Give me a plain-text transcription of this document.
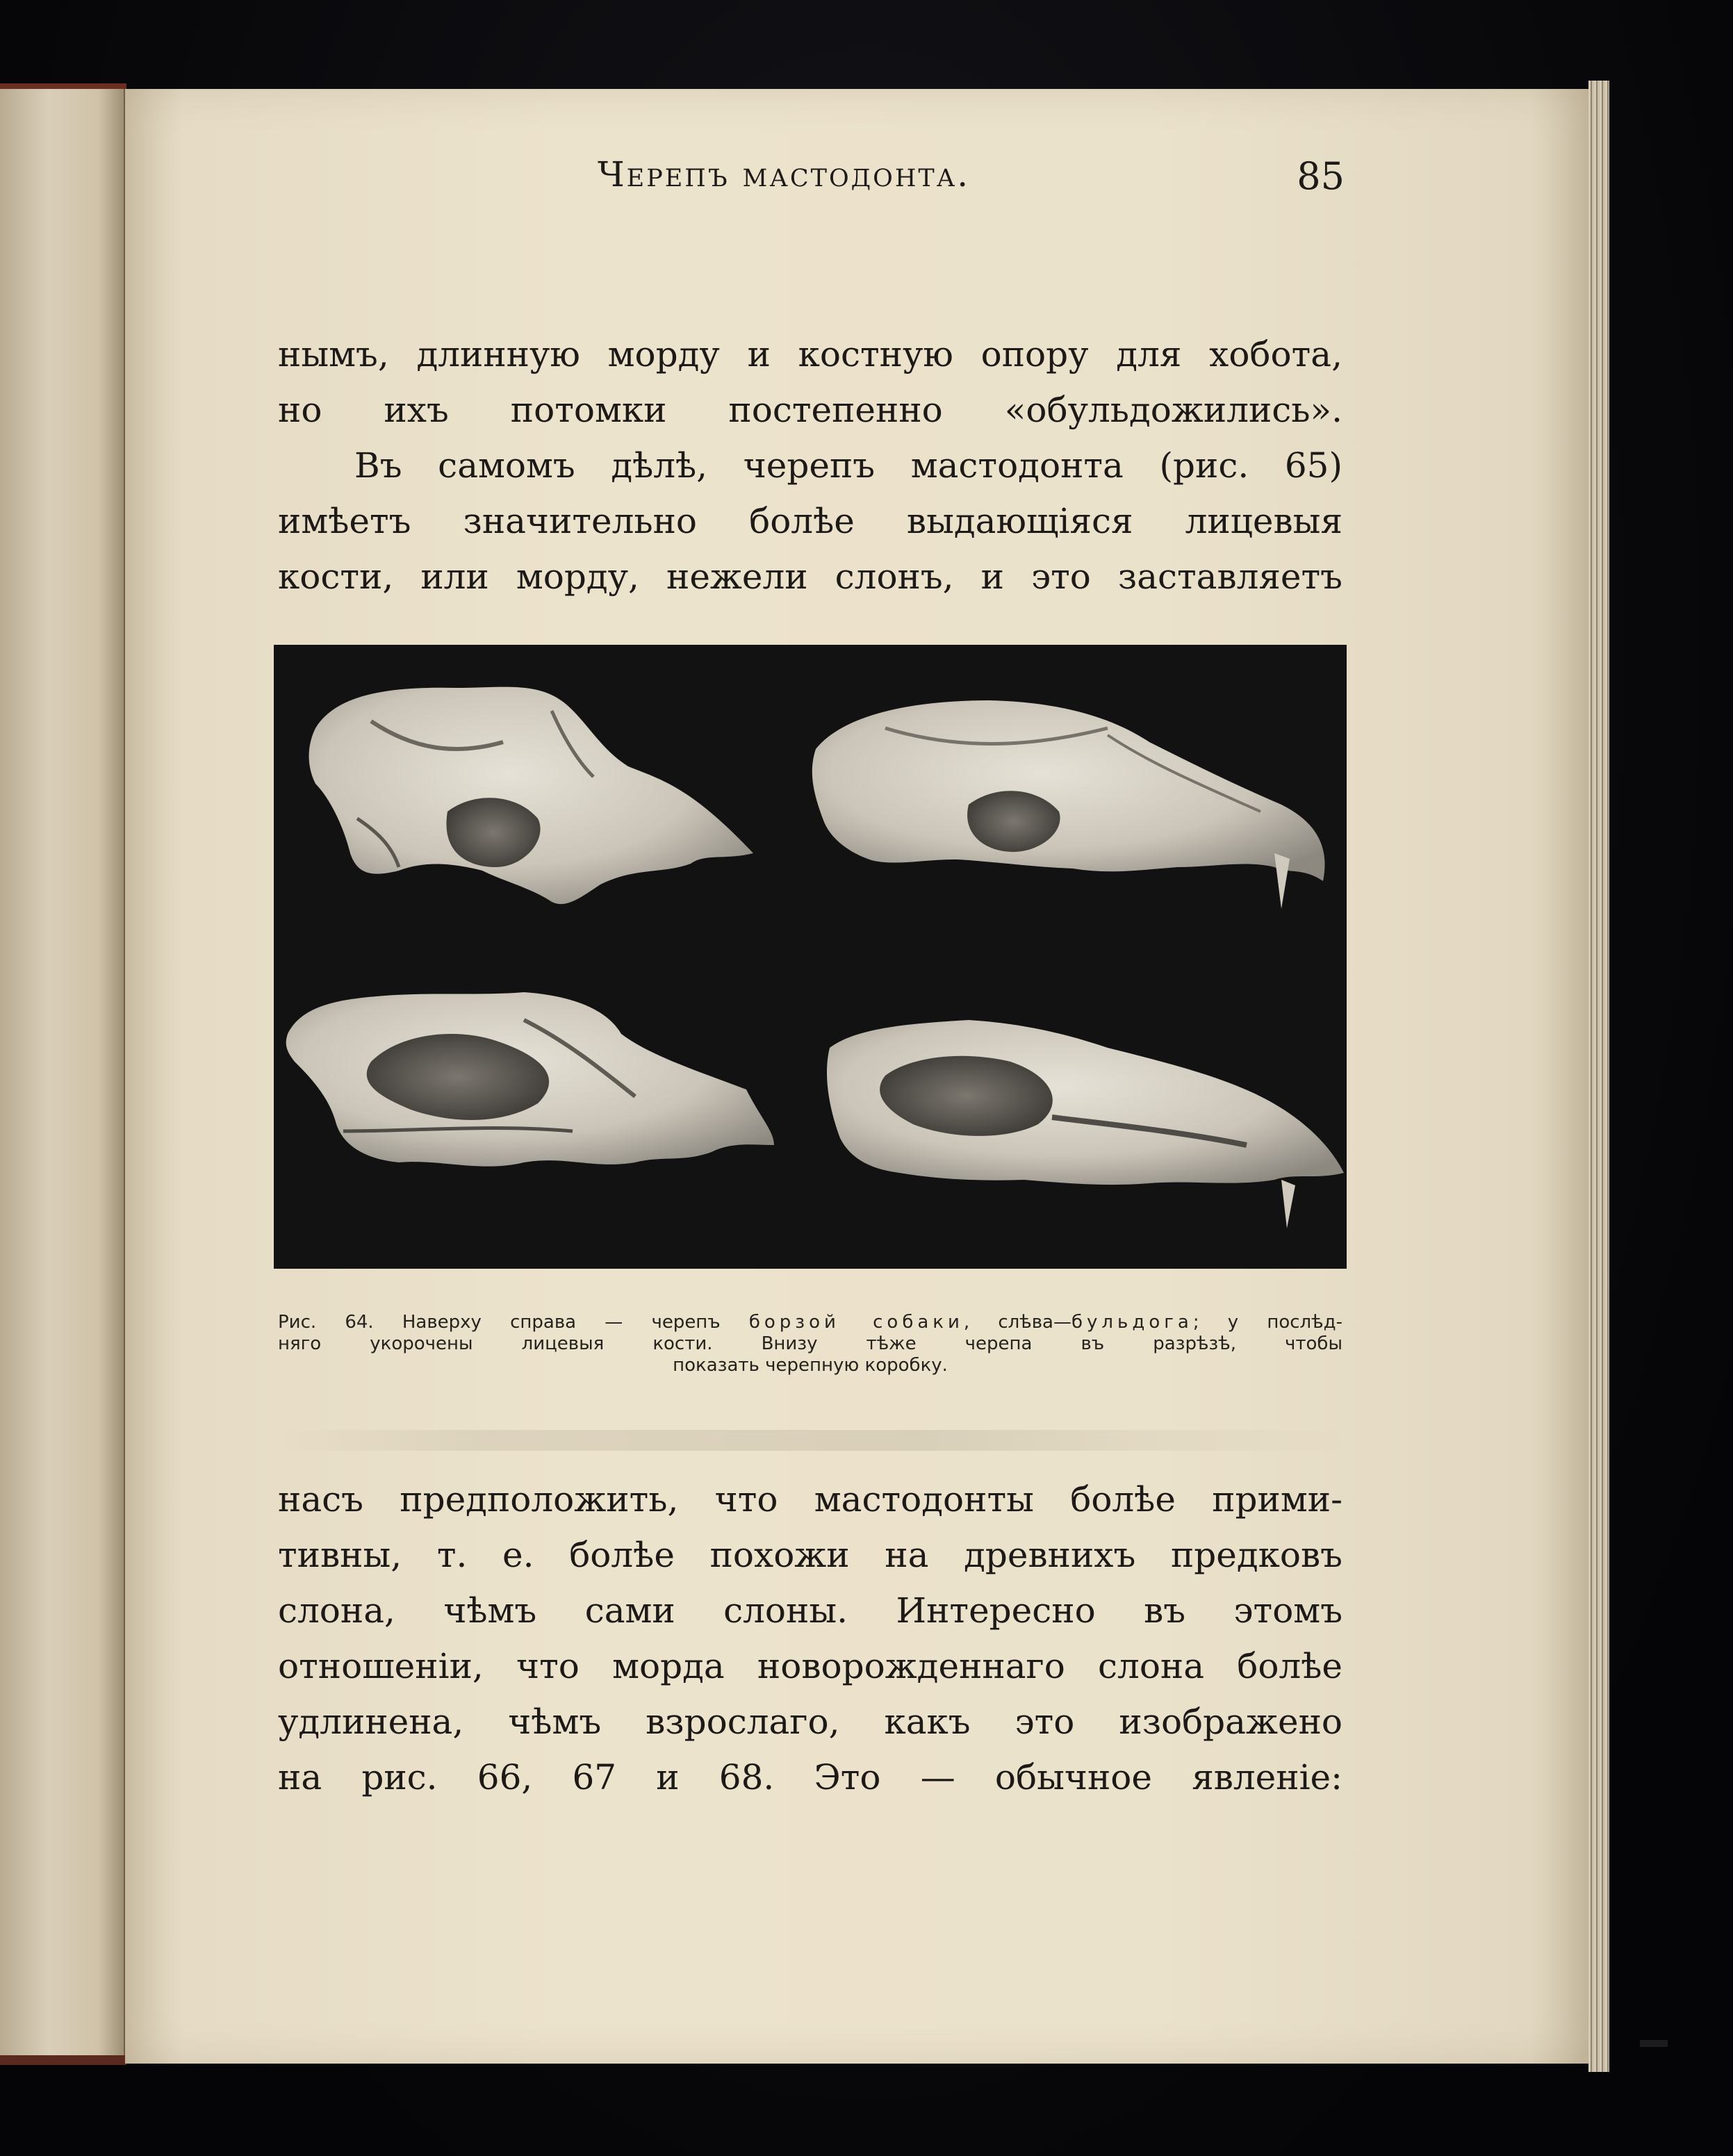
Черепъ мастодонта.	85
нымъ, длинную морду и костную опору для хобота,
но ихъ потомки постепенно «обульдожились».
Въ самомъ дѣлѣ, черепъ мастодонта (рис. 65)
имѣетъ значительно болѣе выдающіяся лицевыя
кости, или морду, нежели слонъ, и это заставляетъ
Рис. 64. Наверху справа — черепъ борзой собаки, слѣва—бульдога; у послѣд-
няго укорочены лицевыя кости. Внизу тѣже черепа въ разрѣзѣ, чтобы
показать черепную коробку.
насъ предположить, что мастодонты болѣе прими-
тивны, т. е. болѣе похожи на древнихъ предковъ
слона, чѣмъ сами слоны. Интересно въ этомъ
отношеніи, что морда новорожденнаго слона болѣе
удлинена, чѣмъ взрослаго, какъ это изображено
на рис. 66, 67 и 68. Это — обычное явленіе:
